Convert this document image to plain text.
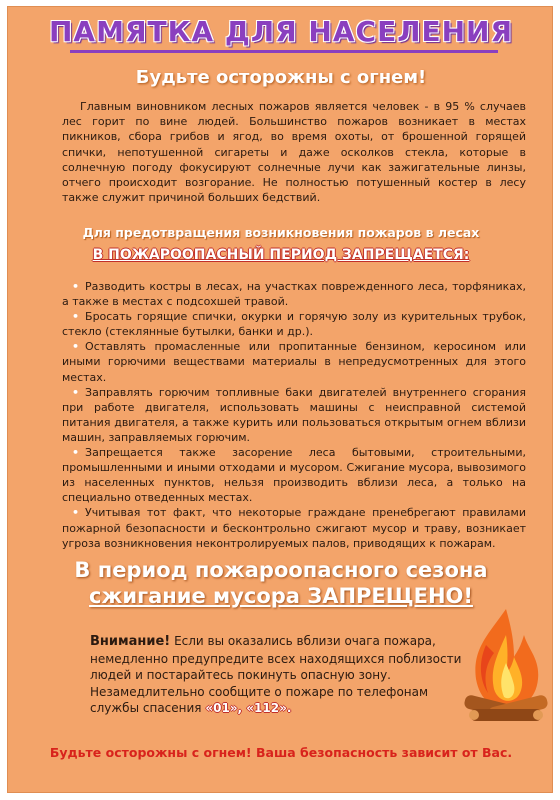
ПАМЯТКА ДЛЯ НАСЕЛЕНИЯ
Будьте осторожны с огнем!
Главным виновником лесных пожаров является человек - в 95 % случаев лес горит по вине людей. Большинство пожаров возникает в местах пикников, сбора грибов и ягод, во время охоты, от брошенной горящей спички, непотушенной сигареты и даже осколков стекла, которые в солнечную погоду фокусируют солнечные лучи как зажигательные линзы, отчего происходит возгорание. Не полностью потушенный костер в лесу также служит причиной больших бедствий.
Для предотвращения возникновения пожаров в лесах
В ПОЖАРООПАСНЫЙ ПЕРИОД ЗАПРЕЩАЕТСЯ:

• Разводить костры в лесах, на участках поврежденного леса, торфяниках, а также в местах с подсохшей травой.

• Бросать горящие спички, окурки и горячую золу из курительных трубок, стекло (стеклянные бутылки, банки и др.).

• Оставлять промасленные или пропитанные бензином, керосином или иными горючими веществами материалы в непредусмотренных для этого местах.

• Заправлять горючим топливные баки двигателей внутреннего сгорания при работе двигателя, использовать машины с неисправной системой питания двигателя, а также курить или пользоваться открытым огнем вблизи машин, заправляемых горючим.

• Запрещается также засорение леса бытовыми, строительными, промышленными и иными отходами и мусором. Сжигание мусора, вывозимого из населенных пунктов, нельзя производить вблизи леса, а только на специально отведенных местах.

• Учитывая тот факт, что некоторые граждане пренебрегают правилами пожарной безопасности и бесконтрольно сжигают мусор и траву, возникает угроза возникновения неконтролируемых палов, приводящих к пожарам.

В период пожароопасного сезона
сжигание мусора ЗАПРЕЩЕНО!
Внимание! Если вы оказались вблизи очага пожара, немедленно предупредите всех находящихся поблизости людей и постарайтесь покинуть опасную зону. Незамедлительно сообщите о пожаре по телефонам службы спасения «01», «112».
Будьте осторожны с огнем! Ваша безопасность зависит от Вас.
